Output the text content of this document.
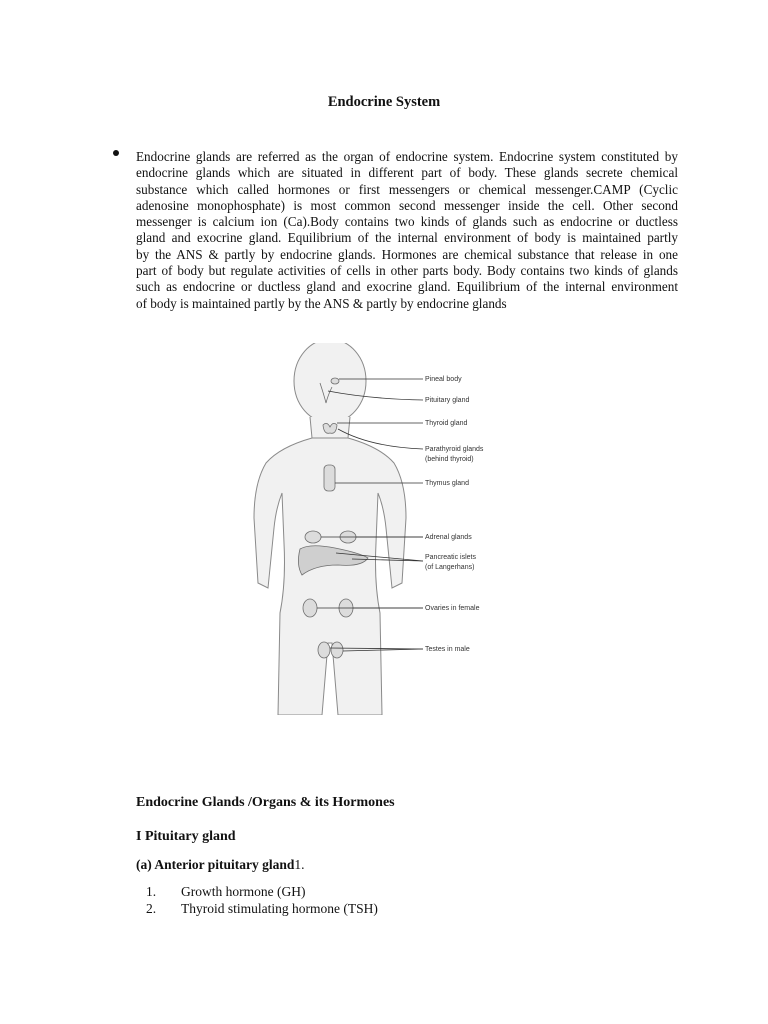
Endocrine System
Endocrine glands are referred as the organ of endocrine system. Endocrine system constituted by
endocrine glands which are situated in different part of body. These glands secrete chemical
substance which called hormones or first messengers or chemical messenger.CAMP (Cyclic
adenosine monophosphate) is most common second messenger inside the cell. Other second
messenger is calcium ion (Ca).Body contains two kinds of glands such as endocrine or ductless
gland and exocrine gland. Equilibrium of the internal environment of body is maintained partly
by the ANS & partly by endocrine glands. Hormones are chemical substance that release in one
part of body but regulate activities of cells in other parts body. Body contains two kinds of glands
such as endocrine or ductless gland and exocrine gland. Equilibrium of the internal environment
of body is maintained partly by the ANS & partly by endocrine glands
Pineal body
Pituitary gland
Thyroid gland
Parathyroid glands
(behind thyroid)
Thymus gland
Adrenal glands
Pancreatic islets
(of Langerhans)
Ovaries in female
Testes in male
Endocrine Glands /Organs & its Hormones
I Pituitary gland
(a) Anterior pituitary gland1.
1.	Growth hormone (GH)
2.	Thyroid stimulating hormone (TSH)
